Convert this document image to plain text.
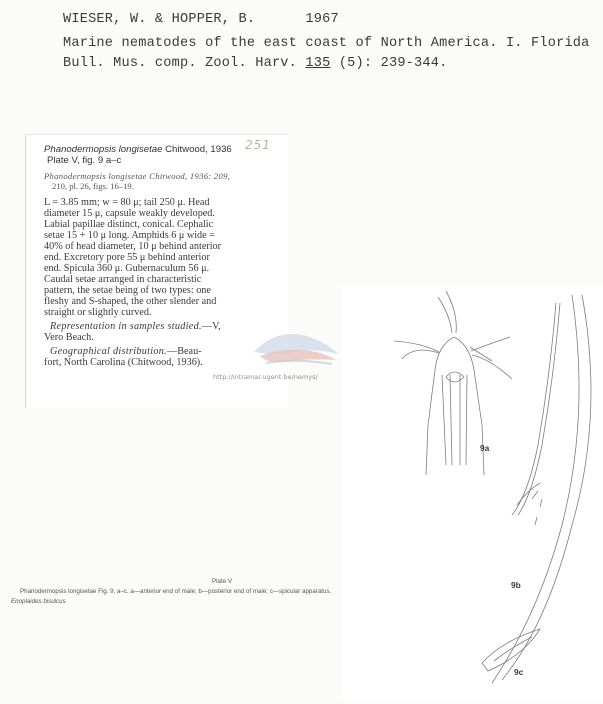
WIESER, W. & HOPPER, B.	1967
Marine nematodes of the east coast of North America. I. Florida
Bull. Mus. comp. Zool. Harv. 135 (5): 239-344.
Phanodermopsis longisetae Chitwood, 1936 251
Plate V, fig. 9 a–c
Phanodermopsis longisetae Chitwood, 1936: 209,
210, pl. 26, figs. 16–19.
L = 3.85 mm; w = 80 μ; tail 250 μ. Head
diameter 15 μ, capsule weakly developed.
Labial papillae distinct, conical. Cephalic
setae 15 + 10 μ long. Amphids 6 μ wide =
40% of head diameter, 10 μ behind anterior
end. Excretory pore 55 μ behind anterior
end. Spicula 360 μ. Gubernaculum 56 μ.
Caudal setae arranged in characteristic
pattern, the setae being of two types: one
fleshy and S-shaped, the other slender and
straight or slightly curved.
Representation in samples studied.—V,
Vero Beach.
Geographical distribution.—Beau-
fort, North Carolina (Chitwood, 1936).
http://intramar.ugent.be/nemys/
9a
9b
9c
Plate V
Phanodermopsis longisetae Fig. 9, a–c. a—anterior end of male; b—posterior end of male; c—spicular apparatus.
Enoplaides bisulcus
